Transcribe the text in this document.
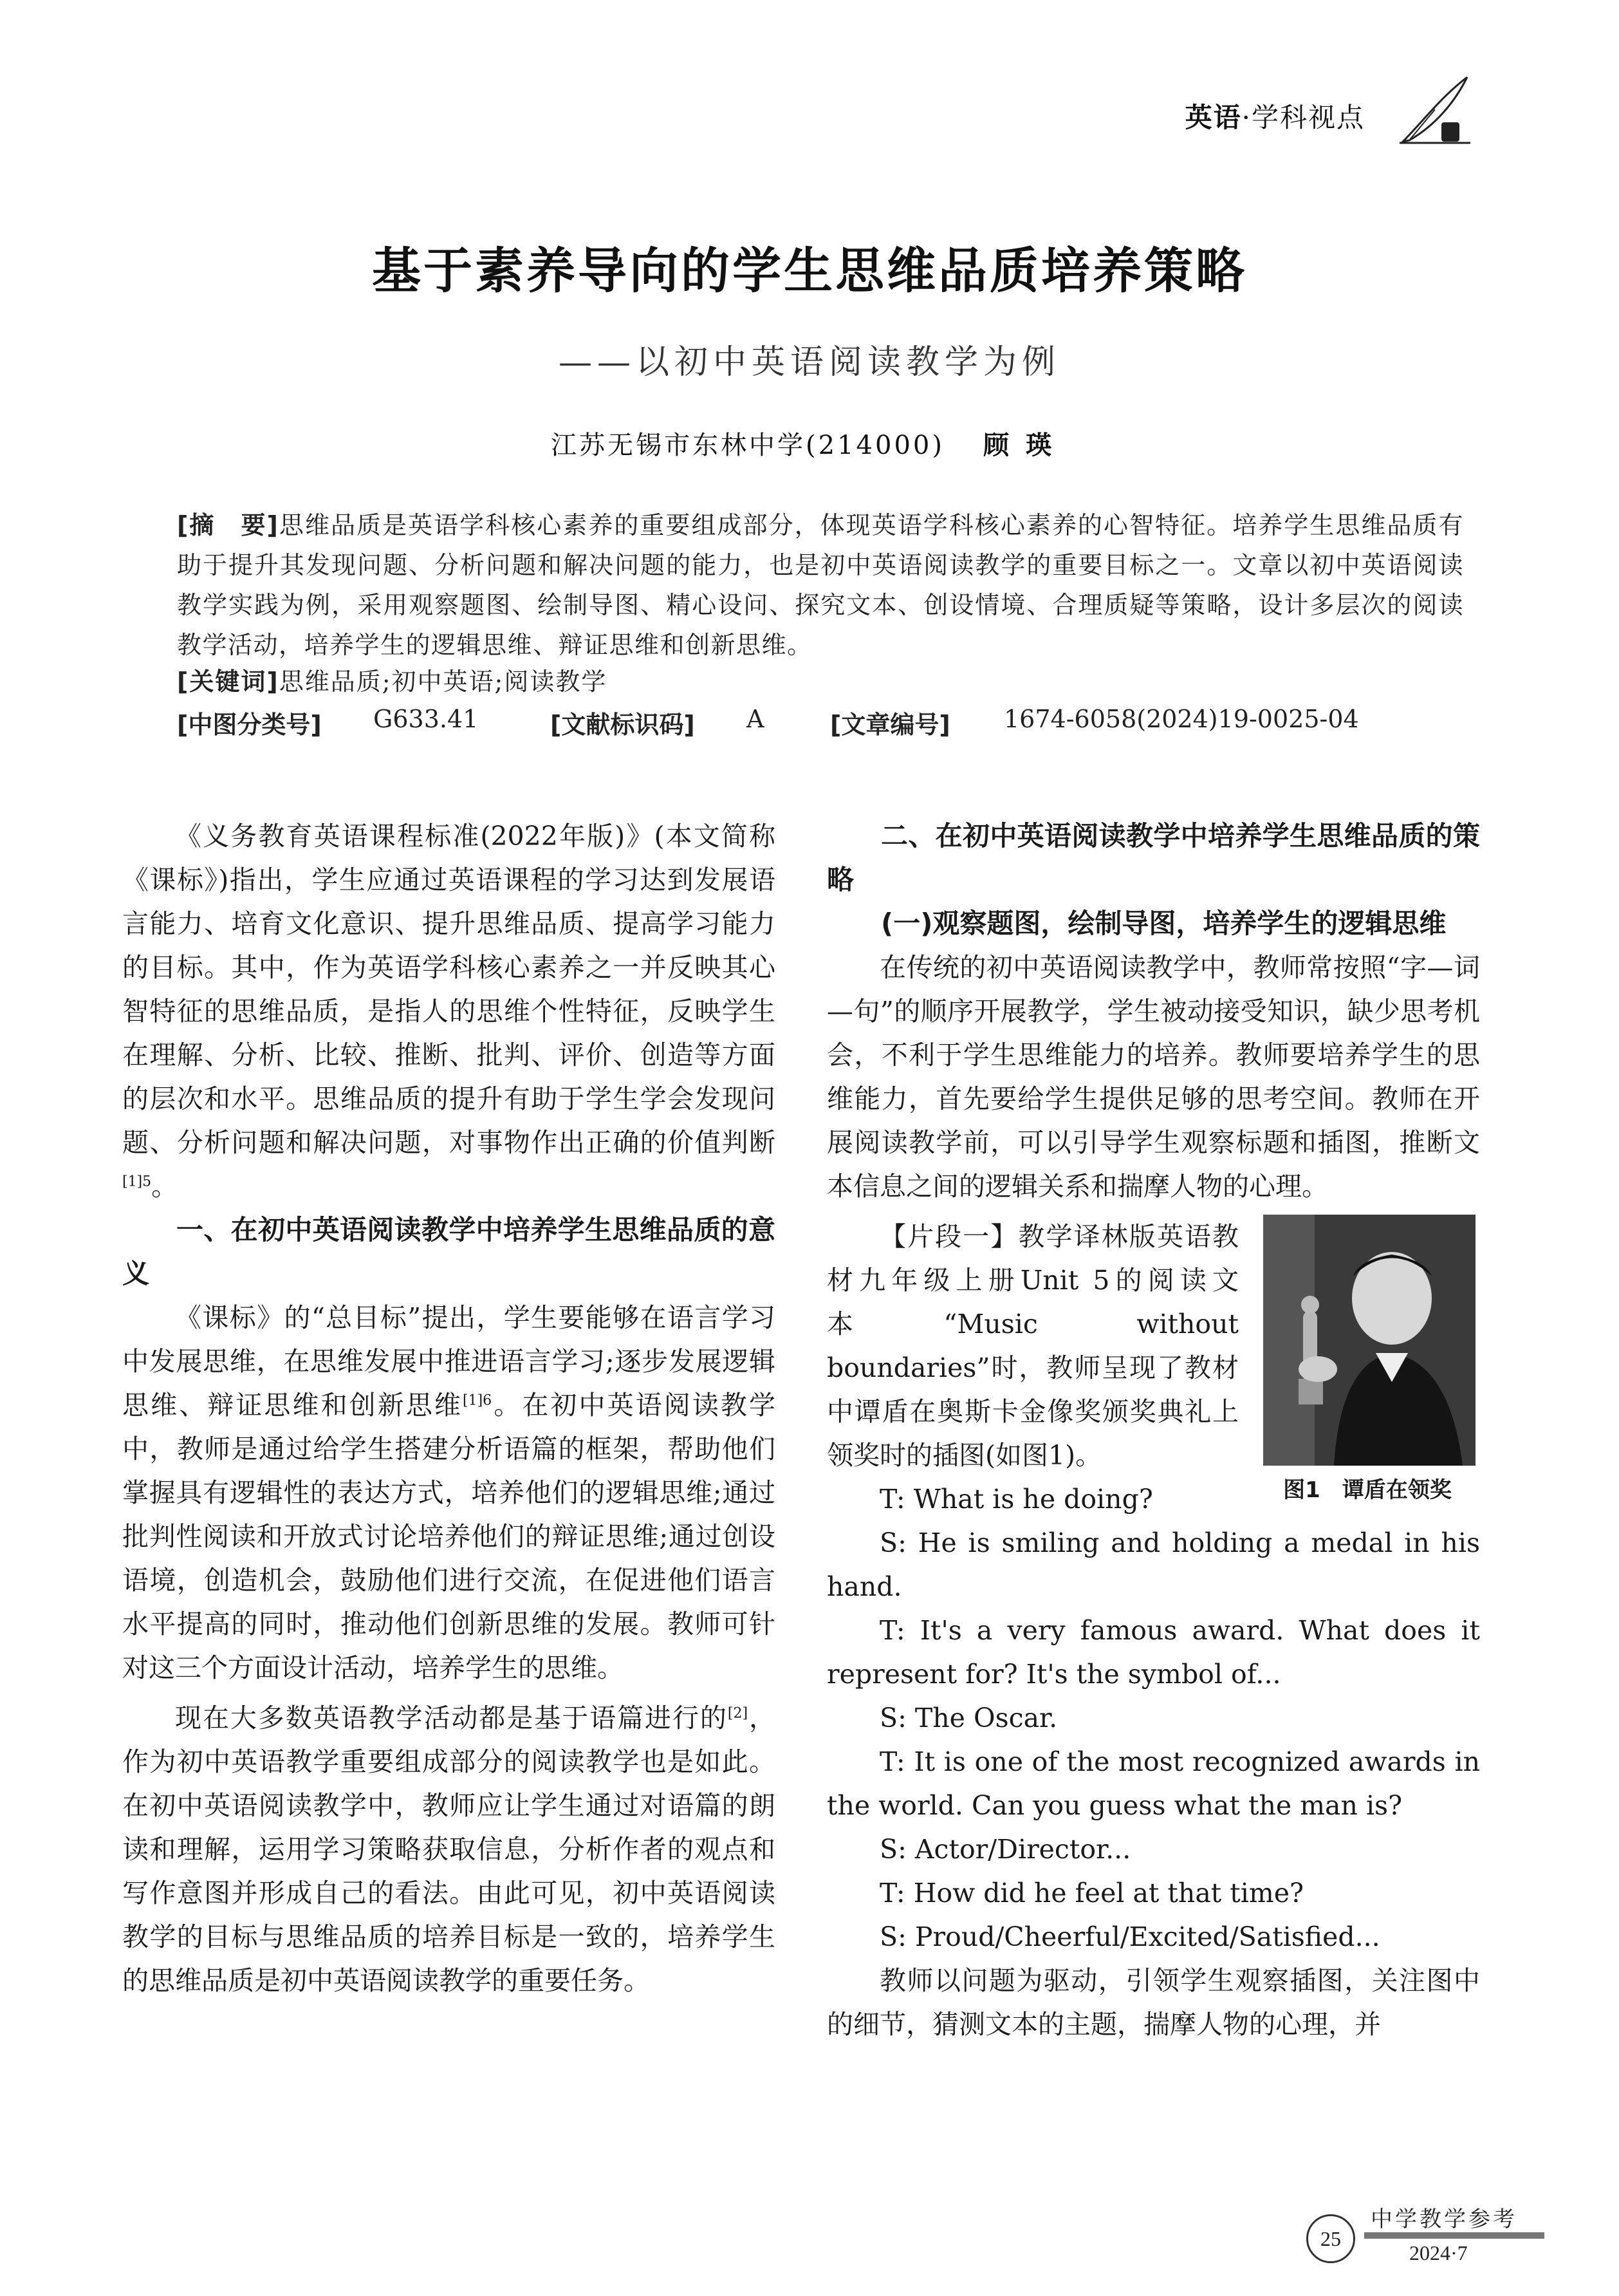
英语·学科视点
基于素养导向的学生思维品质培养策略
——以初中英语阅读教学为例
江苏无锡市东林中学(214000) 顾瑛

[摘　要]思维品质是英语学科核心素养的重要组成部分，体现英语学科核心素养的心智特征。培养学生思维品质有助于提升其发现问题、分析问题和解决问题的能力，也是初中英语阅读教学的重要目标之一。文章以初中英语阅读教学实践为例，采用观察题图、绘制导图、精心设问、探究文本、创设情境、合理质疑等策略，设计多层次的阅读教学活动，培养学生的逻辑思维、辩证思维和创新思维。

[关键词]思维品质;初中英语;阅读教学
[中图分类号] G633.41	[文献标识码] A	[文章编号] 1674-6058(2024)19-0025-04

《义务教育英语课程标准(2022年版)》(本文简称《课标》)指出，学生应通过英语课程的学习达到发展语言能力、培育文化意识、提升思维品质、提高学习能力的目标。其中，作为英语学科核心素养之一并反映其心智特征的思维品质，是指人的思维个性特征，反映学生在理解、分析、比较、推断、批判、评价、创造等方面的层次和水平。思维品质的提升有助于学生学会发现问题、分析问题和解决问题，对事物作出正确的价值判断$^{[1]5}$。

一、在初中英语阅读教学中培养学生思维品质的意义

《课标》的“总目标”提出，学生要能够在语言学习中发展思维，在思维发展中推进语言学习;逐步发展逻辑思维、辩证思维和创新思维$^{[1]6}$。在初中英语阅读教学中，教师是通过给学生搭建分析语篇的框架，帮助他们掌握具有逻辑性的表达方式，培养他们的逻辑思维;通过批判性阅读和开放式讨论培养他们的辩证思维;通过创设语境，创造机会，鼓励他们进行交流，在促进他们语言水平提高的同时，推动他们创新思维的发展。教师可针对这三个方面设计活动，培养学生的思维。

现在大多数英语教学活动都是基于语篇进行的[2]，作为初中英语教学重要组成部分的阅读教学也是如此。在初中英语阅读教学中，教师应让学生通过对语篇的朗读和理解，运用学习策略获取信息，分析作者的观点和写作意图并形成自己的看法。由此可见，初中英语阅读教学的目标与思维品质的培养目标是一致的，培养学生的思维品质是初中英语阅读教学的重要任务。

二、在初中英语阅读教学中培养学生思维品质的策略
(一)观察题图，绘制导图，培养学生的逻辑思维

在传统的初中英语阅读教学中，教师常按照“字—词—句”的顺序开展教学，学生被动接受知识，缺少思考机会，不利于学生思维能力的培养。教师要培养学生的思维能力，首先要给学生提供足够的思考空间。教师在开展阅读教学前，可以引导学生观察标题和插图，推断文本信息之间的逻辑关系和揣摩人物的心理。

【片段一】教学译林版英语教材九年级上册Unit 5的阅读文本“Music without boundaries”时，教师呈现了教材中谭盾在奥斯卡金像奖颁奖典礼上领奖时的插图(如图1)。

图1　谭盾在领奖

T: What is he doing?

S: He is smiling and holding a medal in his hand.

T: It's a very famous award. What does it represent for? It's the symbol of...

S: The Oscar.

T: It is one of the most recognized awards in the world. Can you guess what the man is?

S: Actor/Director...

T: How did he feel at that time?

S: Proud/Cheerful/Excited/Satisfied...

教师以问题为驱动，引领学生观察插图，关注图中的细节，猜测文本的主题，揣摩人物的心理，并

25
中学教学参考
2024·7
